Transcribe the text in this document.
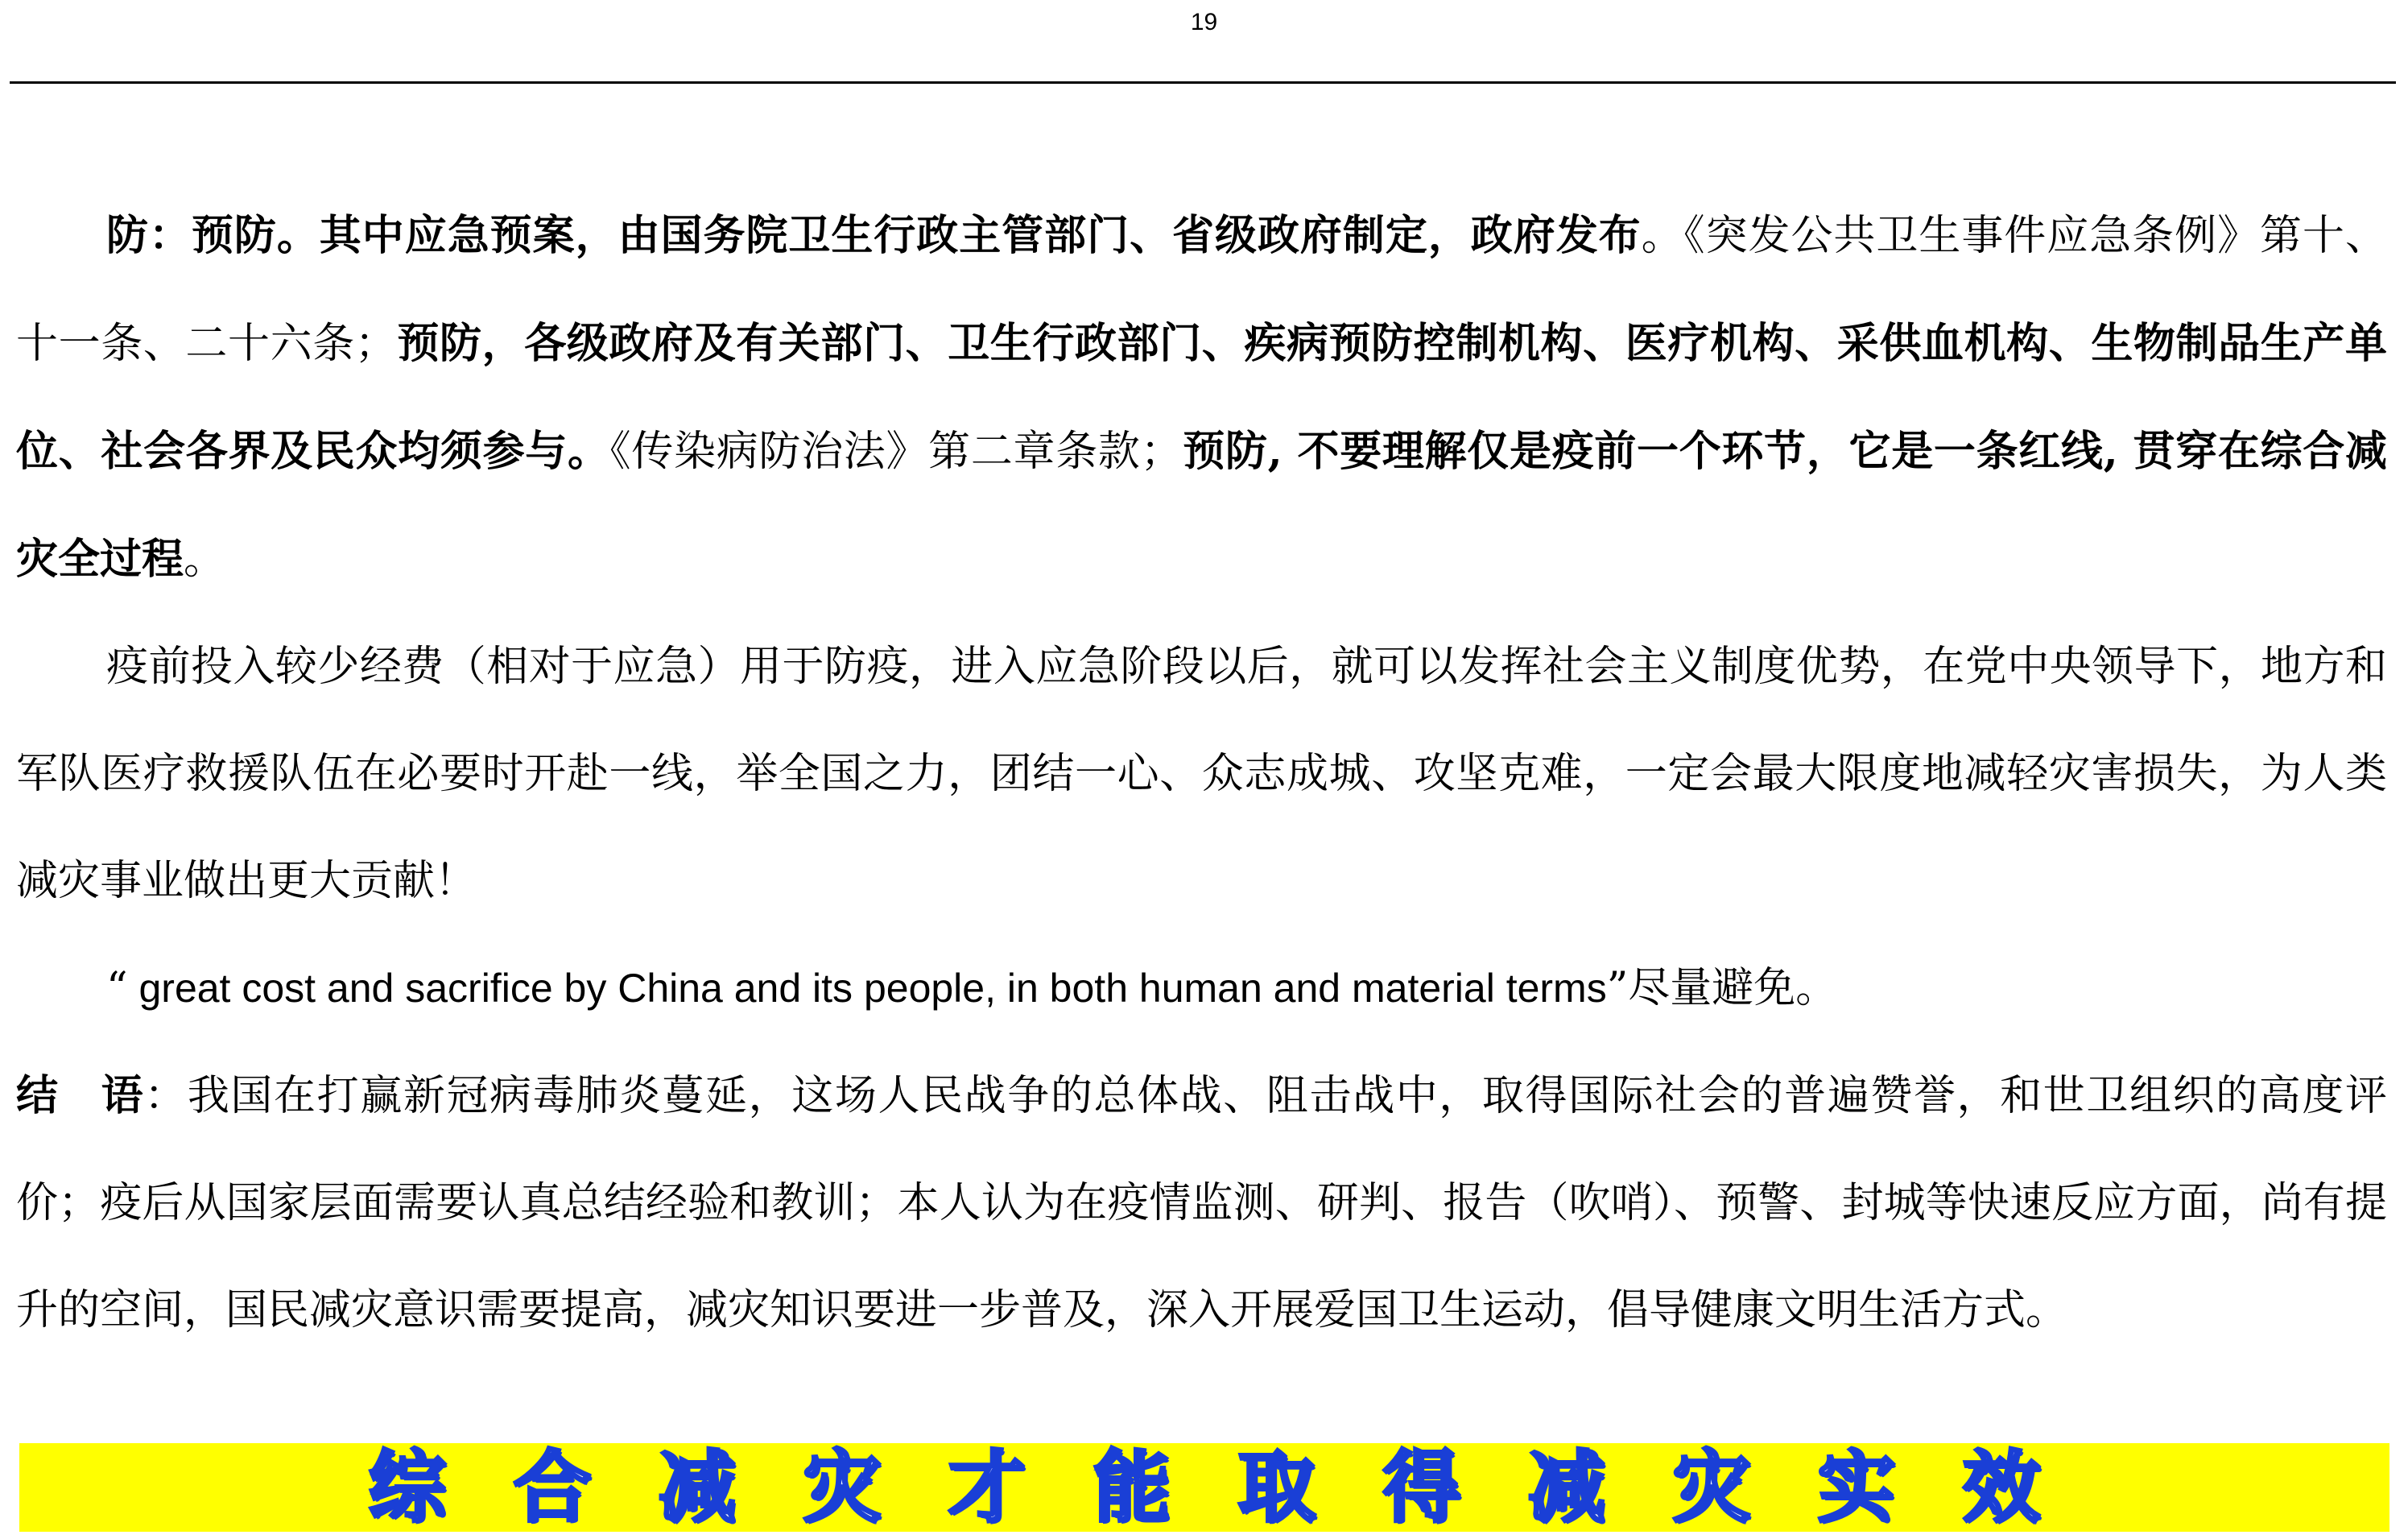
19

防：预防。其中应急预案，由国务院卫生行政主管部门、省级政府制定，政府发布。《突发公共卫生事件应急条例》第十、十一条、二十六条；预防，各级政府及有关部门、卫生行政部门、疾病预防控制机构、医疗机构、采供血机构、生物制品生产单位、社会各界及民众均须参与。《传染病防治法》第二章条款；预防, 不要理解仅是疫前一个环节，它是一条红线, 贯穿在综合减灾全过程。

疫前投入较少经费（相对于应急）用于防疫，进入应急阶段以后，就可以发挥社会主义制度优势，在党中央领导下，地方和军队医疗救援队伍在必要时开赴一线，举全国之力，团结一心、众志成城、攻坚克难，一定会最大限度地减轻灾害损失，为人类减灾事业做出更大贡献！

“ great cost and sacrifice by China and its people, in both human and material terms”尽量避免。

结语：我国在打赢新冠病毒肺炎蔓延，这场人民战争的总体战、阻击战中，取得国际社会的普遍赞誉，和世卫组织的高度评价；疫后从国家层面需要认真总结经验和教训；本人认为在疫情监测、研判、报告（吹哨）、预警、封城等快速反应方面，尚有提升的空间，国民减灾意识需要提高，减灾知识要进一步普及，深入开展爱国卫生运动，倡导健康文明生活方式。

综合减灾才能取得减灾实效
